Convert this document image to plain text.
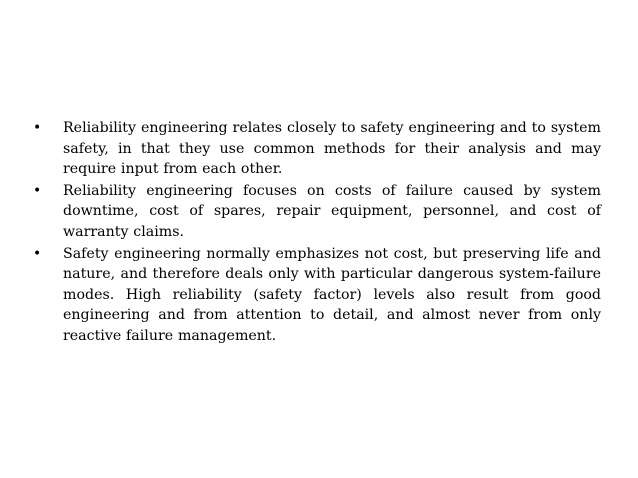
•	Reliability engineering relates closely to safety engineering and to system safety, in that they use common methods for their analysis and may require input from each other.
•	Reliability engineering focuses on costs of failure caused by system downtime, cost of spares, repair equipment, personnel, and cost of warranty claims.
•	Safety engineering normally emphasizes not cost, but preserving life and nature, and therefore deals only with particular dangerous system-failure modes. High reliability (safety factor) levels also result from good engineering and from attention to detail, and almost never from only reactive failure management.
